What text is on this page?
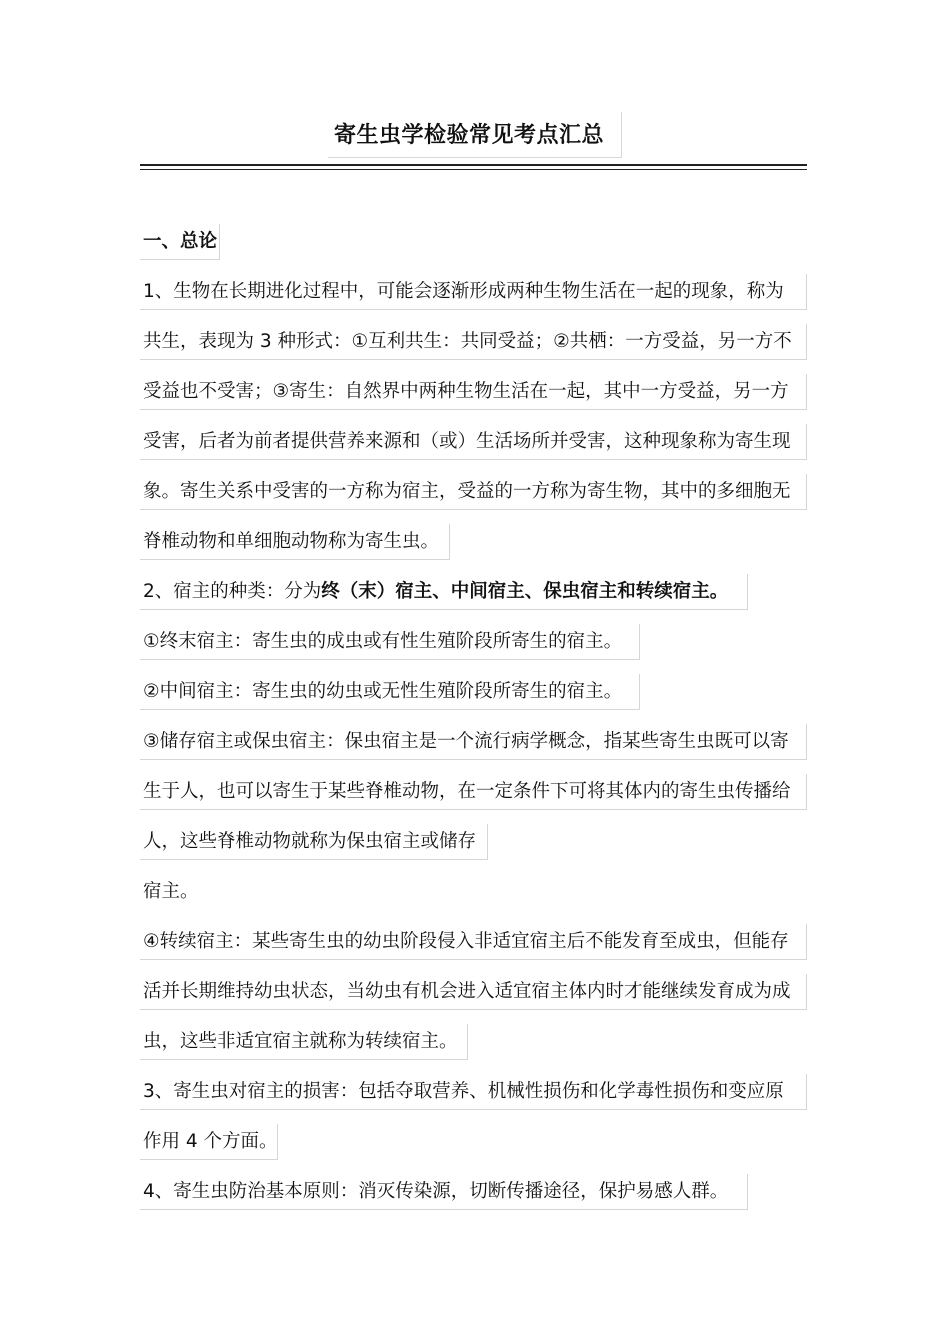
寄生虫学检验常见考点汇总
一、总论
1、生物在长期进化过程中，可能会逐渐形成两种生物生活在一起的现象，称为
共生，表现为 3 种形式：①互利共生：共同受益；②共栖：一方受益，另一方不
受益也不受害；③寄生：自然界中两种生物生活在一起，其中一方受益，另一方
受害，后者为前者提供营养来源和（或）生活场所并受害，这种现象称为寄生现
象。寄生关系中受害的一方称为宿主，受益的一方称为寄生物，其中的多细胞无
脊椎动物和单细胞动物称为寄生虫。
2、宿主的种类：分为终（末）宿主、中间宿主、保虫宿主和转续宿主。
①终末宿主：寄生虫的成虫或有性生殖阶段所寄生的宿主。
②中间宿主：寄生虫的幼虫或无性生殖阶段所寄生的宿主。
③储存宿主或保虫宿主：保虫宿主是一个流行病学概念，指某些寄生虫既可以寄
生于人，也可以寄生于某些脊椎动物，在一定条件下可将其体内的寄生虫传播给
人，这些脊椎动物就称为保虫宿主或储存
宿主。
④转续宿主：某些寄生虫的幼虫阶段侵入非适宜宿主后不能发育至成虫，但能存
活并长期维持幼虫状态，当幼虫有机会进入适宜宿主体内时才能继续发育成为成
虫，这些非适宜宿主就称为转续宿主。
3、寄生虫对宿主的损害：包括夺取营养、机械性损伤和化学毒性损伤和变应原
作用 4 个方面。
4、寄生虫防治基本原则：消灭传染源，切断传播途径，保护易感人群。
